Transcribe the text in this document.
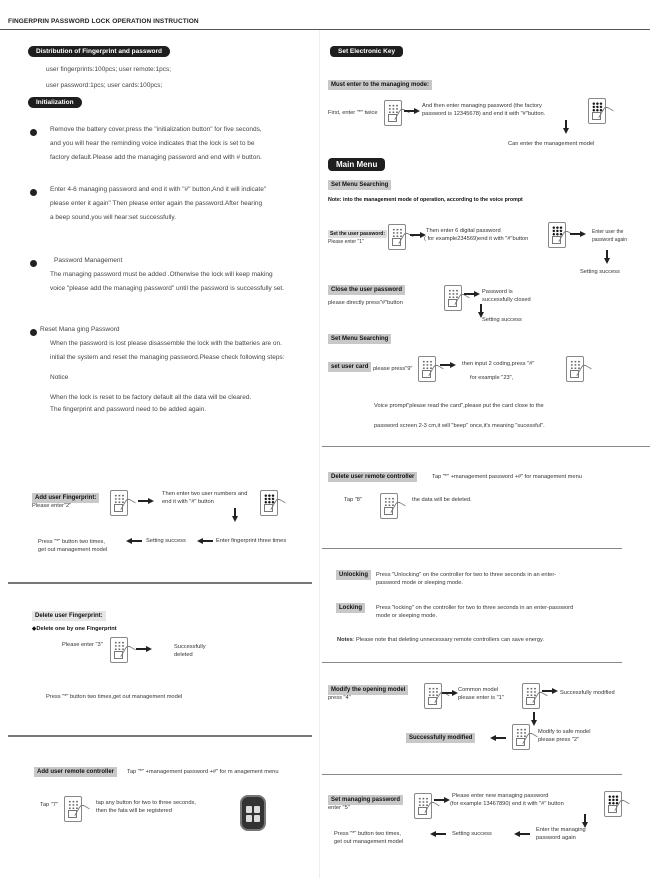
FINGERPRIN PASSWORD LOCK OPERATION INSTRUCTION
Distribution of Fingerprint and password
user fingerprints:100pcs; user remote:1pcs;
user password:1pcs; user cards:100pcs;
Initialization
Remove the battery cover,press the "initialization button" for five seconds,
and you will hear the reminding voice indicates that the lock is set to be
factory default.Please add the managing password and end with # button.
Enter 4-6 managing password and end it with "#" button,And it will indicate"
please enter it again" Then please enter again the password.After hearing
a beep sound,you will hear:set successfully.
Password Management
The managing password must be added .Otherwise the lock will keep making
voice "please add the managing password" until the password is successfully set.
Reset Mana ging Password
When the password is lost please disassemble the lock with the batteries are on.
initial the system and reset the managing password.Please check following steps:
Notice
When the lock is reset to be factory default all the data will be cleared.
The fingerprint and password need to be added again.
Add user Fingerprint:
Please enter"2"
Then enter two user numbers and
end it with "#" button
Press "*" button two times,
get out management model
Setting success	Enter fingerprint three times
Delete user Fingerprint:
◆Delete one by one Fingerprint
Please enter "3"	Successfully
deleted
Press "*" button two times,get out management model
Add user remote controller	Tap "*" +management password +#" for m anagement menu
Tap "7"	tap any button for two to three seconds,
then the fata will be registered
Set Electronic Key
Must enter to the managing mode:
First, enter "*" twice
And then enter managing password (the factory
password is 12345678) and end it with "#"button.
Can enter the management model
Main Menu
Set Menu Searching
Note: into the management mode of operation, according to the voice prompt
Set the user password:
Please enter "1"
Then enter 6 digital password
( for example234569)end it with "#"button
Enter user the
password again
Setting success
Close the user password
please directly press"#"button
Password is
successfully closed
Setting success
Set Menu Searching
set user card please press"9"
then input 2 coding,press "#"
for example "23",
Voice prompt"please read the card",please put the card close to the
password screen 2-3 cm,it will "beep" once,it's meaning "sucessful".
Delete user remote controller	Tap "*" +management password +#" for management menu
Tap "8"	the data will be deleted.
Unlocking	Press "Unlocking" on the controller for two to three seconds in an enter-
password mode or sleeping mode.
Locking	Press "locking" on the controller for two to three seconds in an enter-password
mode or sleeping mode.
Notes: Please note that deleting unnecessary remote controllers can save energy.
Modify the opening model
press "4"
Common model
please enter is "1"
Successfully modified
Successfully modified
Modify to safe model
please press "2"
Set managing password
enter "5"
Please enter new managing password
(for example 13467890) end it with "#" button
Press "*" button two times,
get out management model
Setting success
Enter the managing
password again
